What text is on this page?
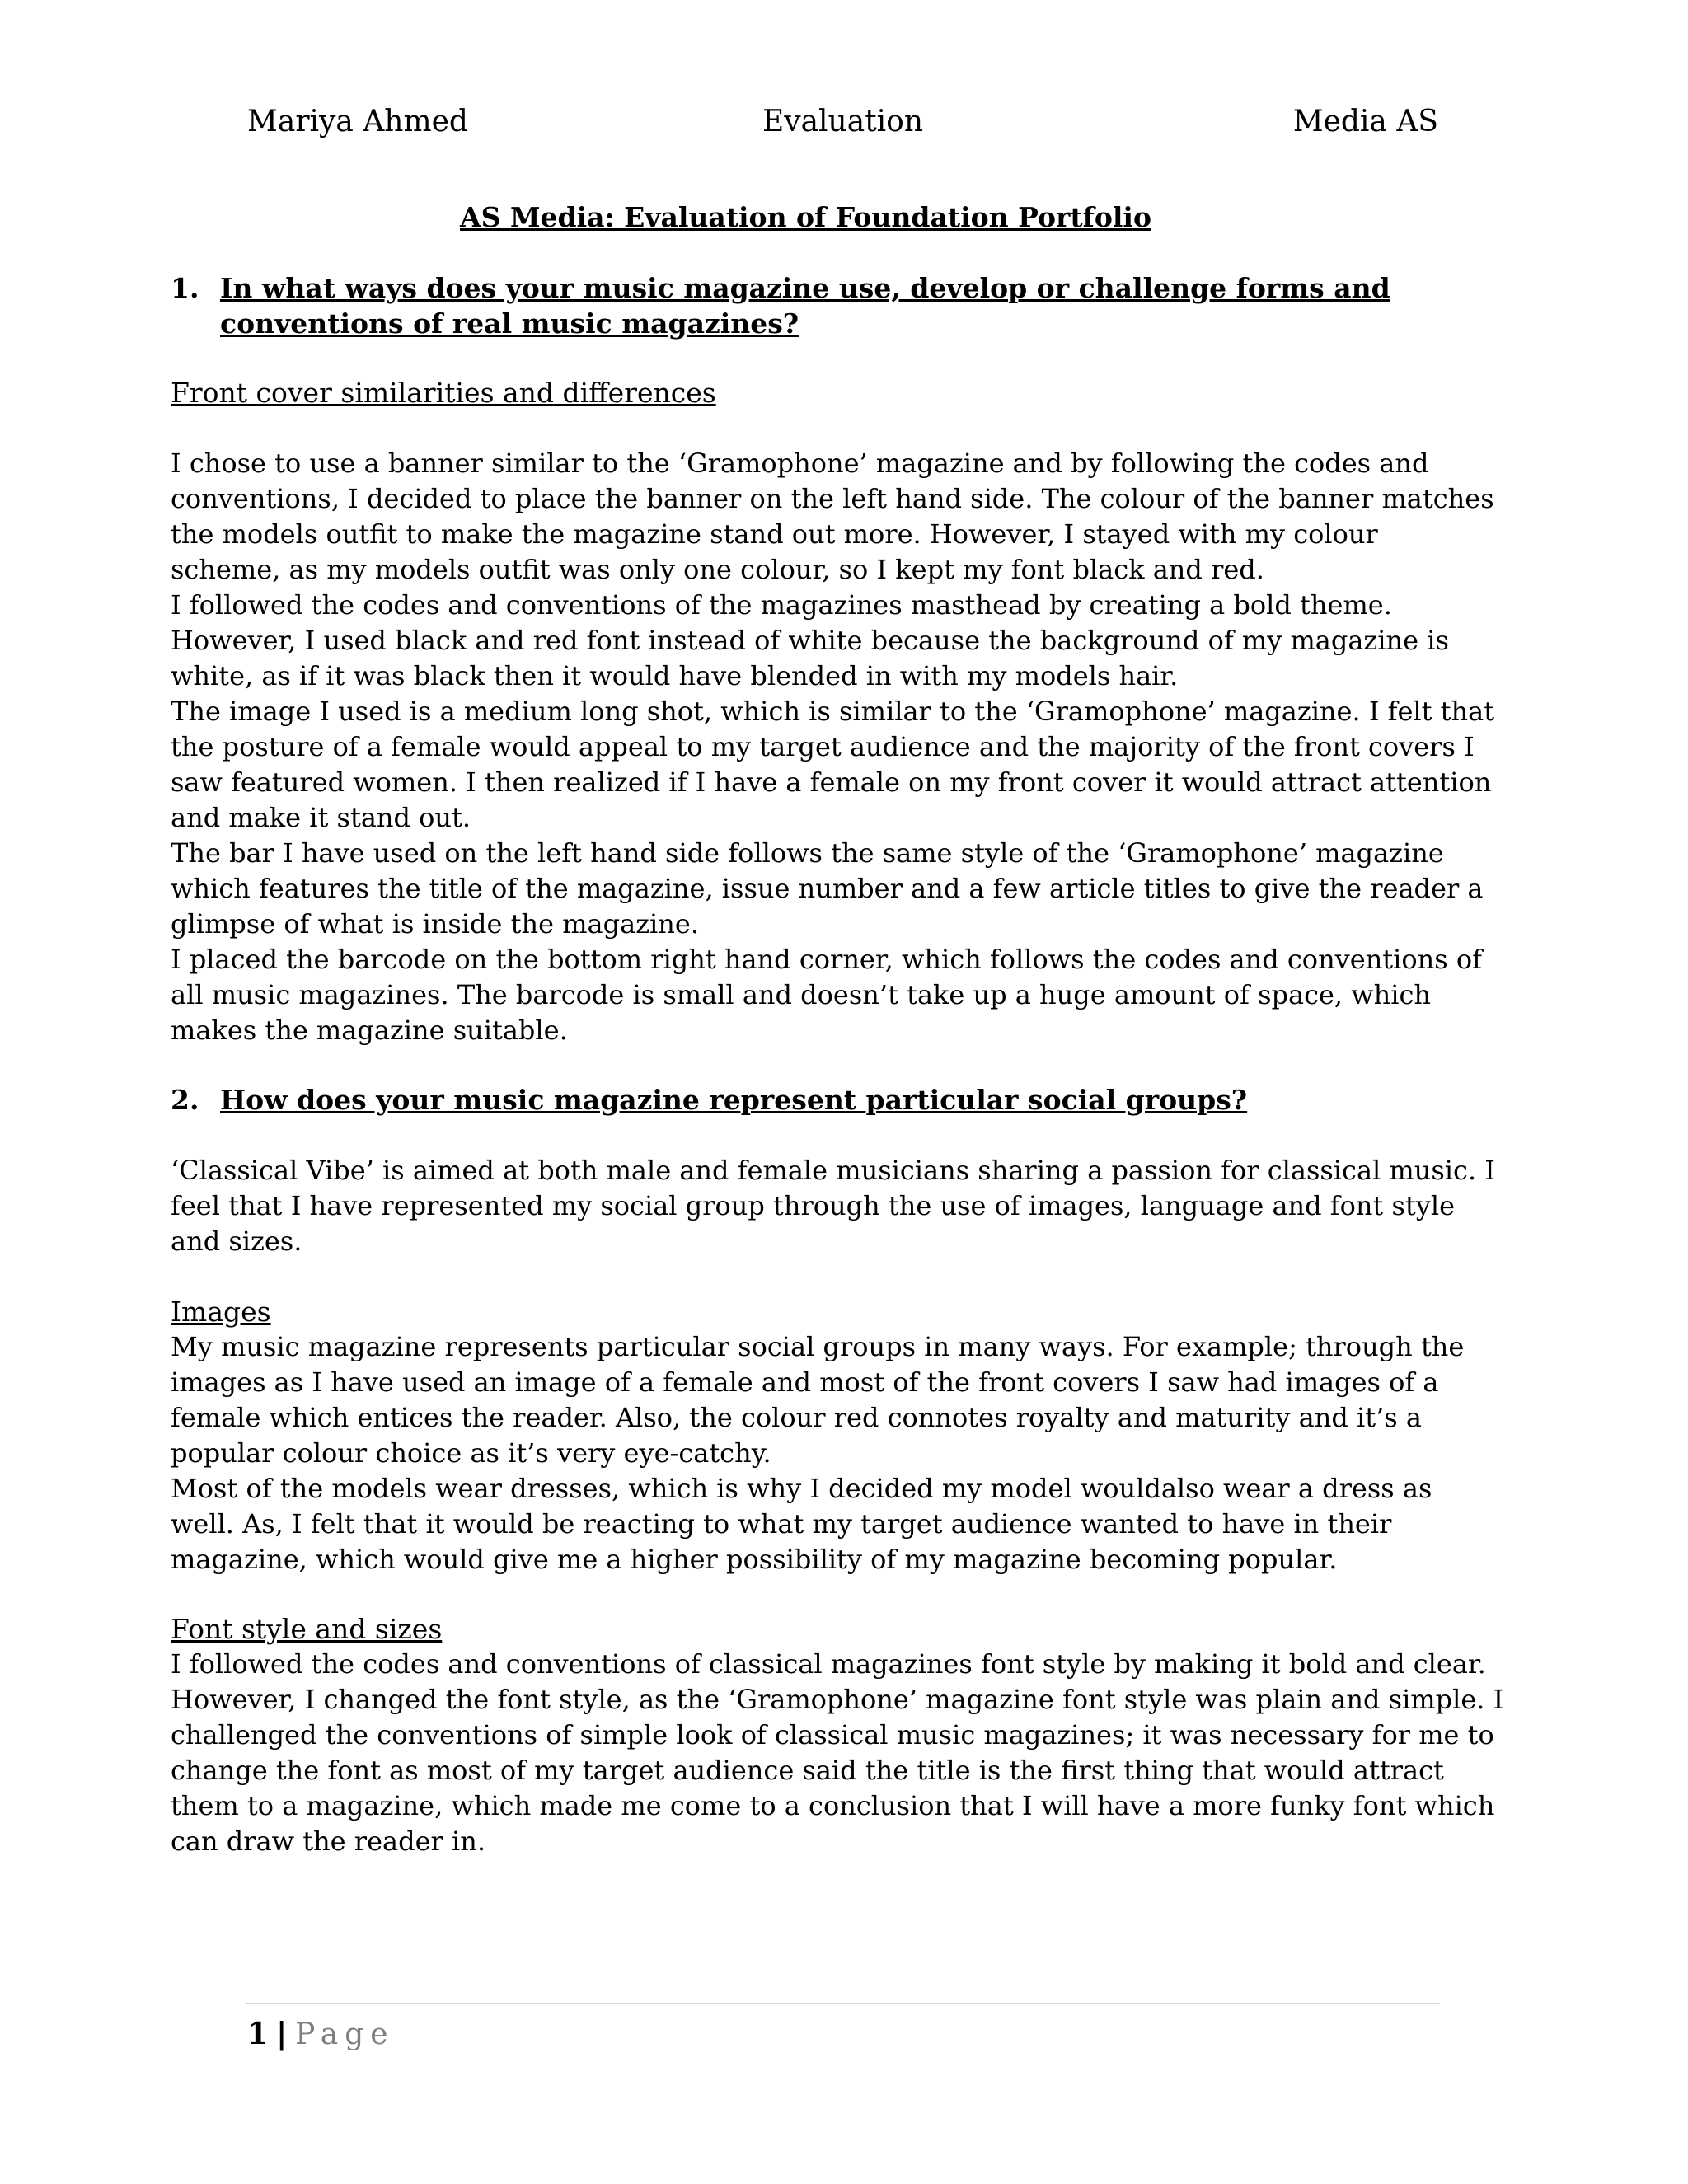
Mariya Ahmed	Evaluation	Media AS
AS Media: Evaluation of Foundation Portfolio
1. In what ways does your music magazine use, develop or challenge forms and
conventions of real music magazines?
Front cover similarities and differences
I chose to use a banner similar to the ‘Gramophone’ magazine and by following the codes and
conventions, I decided to place the banner on the left hand side. The colour of the banner matches
the models outfit to make the magazine stand out more. However, I stayed with my colour
scheme, as my models outfit was only one colour, so I kept my font black and red.
I followed the codes and conventions of the magazines masthead by creating a bold theme.
However, I used black and red font instead of white because the background of my magazine is
white, as if it was black then it would have blended in with my models hair.
The image I used is a medium long shot, which is similar to the ‘Gramophone’ magazine. I felt that
the posture of a female would appeal to my target audience and the majority of the front covers I
saw featured women. I then realized if I have a female on my front cover it would attract attention
and make it stand out.
The bar I have used on the left hand side follows the same style of the ‘Gramophone’ magazine
which features the title of the magazine, issue number and a few article titles to give the reader a
glimpse of what is inside the magazine.
I placed the barcode on the bottom right hand corner, which follows the codes and conventions of
all music magazines. The barcode is small and doesn’t take up a huge amount of space, which
makes the magazine suitable.
2. How does your music magazine represent particular social groups?
‘Classical Vibe’ is aimed at both male and female musicians sharing a passion for classical music. I
feel that I have represented my social group through the use of images, language and font style
and sizes.
Images
My music magazine represents particular social groups in many ways. For example; through the
images as I have used an image of a female and most of the front covers I saw had images of a
female which entices the reader. Also, the colour red connotes royalty and maturity and it’s a
popular colour choice as it’s very eye-catchy.
Most of the models wear dresses, which is why I decided my model wouldalso wear a dress as
well. As, I felt that it would be reacting to what my target audience wanted to have in their
magazine, which would give me a higher possibility of my magazine becoming popular.
Font style and sizes
I followed the codes and conventions of classical magazines font style by making it bold and clear.
However, I changed the font style, as the ‘Gramophone’ magazine font style was plain and simple. I
challenged the conventions of simple look of classical music magazines; it was necessary for me to
change the font as most of my target audience said the title is the first thing that would attract
them to a magazine, which made me come to a conclusion that I will have a more funky font which
can draw the reader in.
1 | Page
